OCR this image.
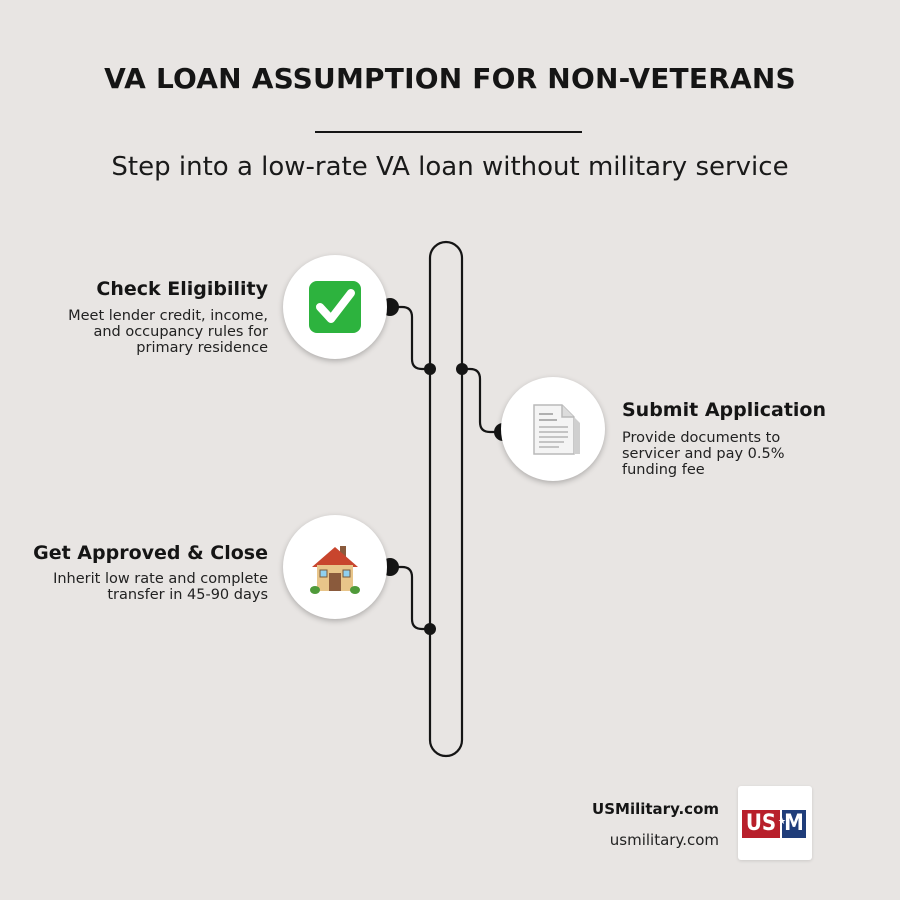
VA LOAN ASSUMPTION FOR NON-VETERANS
Step into a low-rate VA loan without military service
Check Eligibility
Meet lender credit, income, and occupancy rules for primary residence
Submit Application
Provide documents to servicer and pay 0.5% funding fee
Get Approved & Close
Inherit low rate and complete transfer in 45-90 days
USMilitary.com
usmilitary.com
US M
★
